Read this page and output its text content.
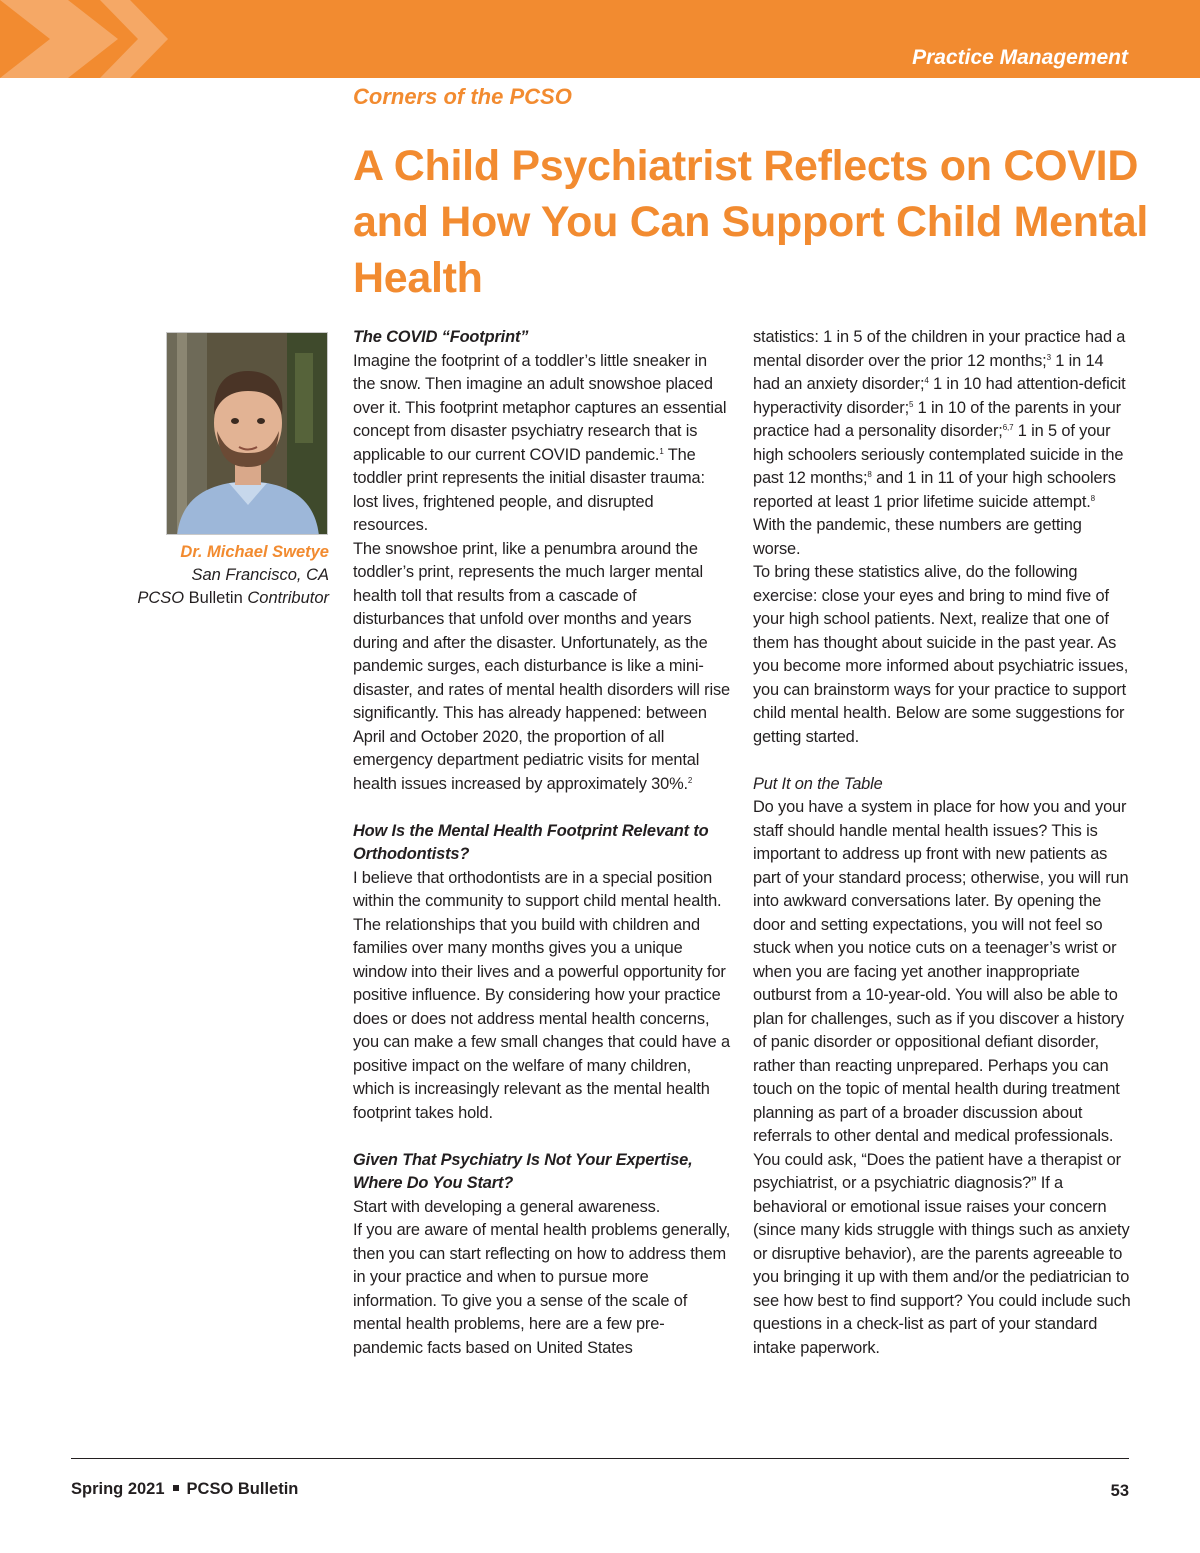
Practice Management
Corners of the PCSO
A Child Psychiatrist Reflects on COVID and How You Can Support Child Mental Health
Dr. Michael Swetye
San Francisco, CA
PCSO Bulletin Contributor

The COVID “Footprint”

Imagine the footprint of a toddler’s little sneaker in the snow. Then imagine an adult snowshoe placed over it. This footprint metaphor captures an essential concept from disaster psychiatry research that is applicable to our current COVID pandemic.$^1$ The toddler print represents the initial disaster trauma: lost lives, frightened people, and disrupted resources.

The snowshoe print, like a penumbra around the toddler’s print, represents the much larger mental health toll that results from a cascade of disturbances that unfold over months and years during and after the disaster. Unfortunately, as the pandemic surges, each disturbance is like a mini-disaster, and rates of mental health disorders will rise significantly. This has already happened: between April and October 2020, the proportion of all emergency department pediatric visits for mental health issues increased by approximately 30%.$^2$

How Is the Mental Health Footprint Relevant to Orthodontists?

I believe that orthodontists are in a special position within the community to support child mental health. The relationships that you build with children and families over many months gives you a unique window into their lives and a powerful opportunity for positive influence. By considering how your practice does or does not address mental health concerns, you can make a few small changes that could have a positive impact on the welfare of many children, which is increasingly relevant as the mental health footprint takes hold.

Given That Psychiatry Is Not Your Expertise, Where Do You Start?

Start with developing a general awareness.

If you are aware of mental health problems generally, then you can start reflecting on how to address them in your practice and when to pursue more information. To give you a sense of the scale of mental health problems, here are a few pre-pandemic facts based on United States

statistics: 1 in 5 of the children in your practice had a mental disorder over the prior 12 months;$^3$ 1 in 14 had an anxiety disorder;$^4$ 1 in 10 had attention-deficit hyperactivity disorder;$^5$ 1 in 10 of the parents in your practice had a personality disorder;$^{6,7}$ 1 in 5 of your high schoolers seriously contemplated suicide in the past 12 months;$^8$ and 1 in 11 of your high schoolers reported at least 1 prior lifetime suicide attempt.$^8$ With the pandemic, these numbers are getting worse.

To bring these statistics alive, do the following exercise: close your eyes and bring to mind five of your high school patients. Next, realize that one of them has thought about suicide in the past year. As you become more informed about psychiatric issues, you can brainstorm ways for your practice to support child mental health. Below are some suggestions for getting started.

Put It on the Table

Do you have a system in place for how you and your staff should handle mental health issues? This is important to address up front with new patients as part of your standard process; otherwise, you will run into awkward conversations later. By opening the door and setting expectations, you will not feel so stuck when you notice cuts on a teenager’s wrist or when you are facing yet another inappropriate outburst from a 10-year-old. You will also be able to plan for challenges, such as if you discover a history of panic disorder or oppositional defiant disorder, rather than reacting unprepared. Perhaps you can touch on the topic of mental health during treatment planning as part of a broader discussion about referrals to other dental and medical professionals. You could ask, “Does the patient have a therapist or psychiatrist, or a psychiatric diagnosis?” If a behavioral or emotional issue raises your concern (since many kids struggle with things such as anxiety or disruptive behavior), are the parents agreeable to you bringing it up with them and/or the pediatrician to see how best to find support? You could include such questions in a check-list as part of your standard intake paperwork.

Spring 2021 PCSO Bulletin	53
